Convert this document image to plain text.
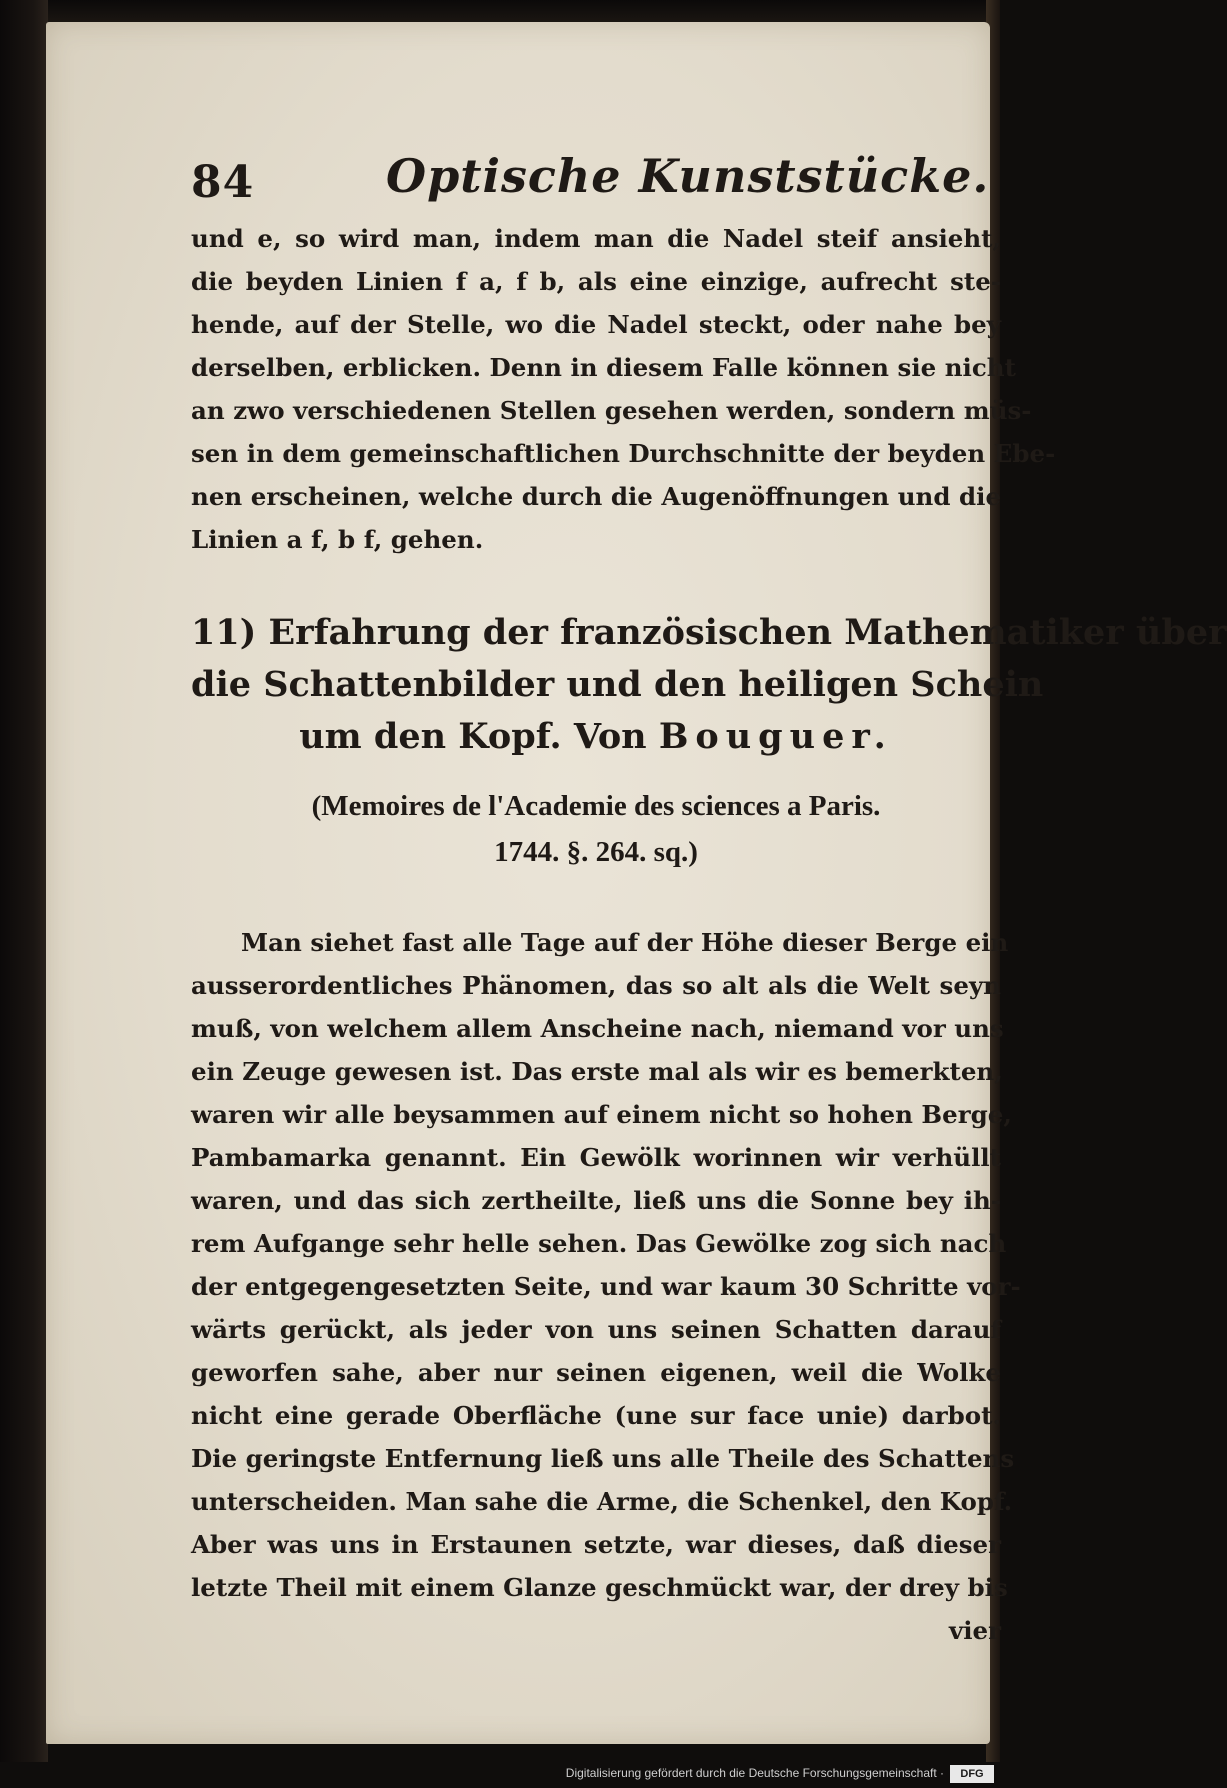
84	Optische Kunststücke.
und e, so wird man, indem man die Nadel steif ansieht,
die beyden Linien f a, f b, als eine einzige, aufrecht ste-
hende, auf der Stelle, wo die Nadel steckt, oder nahe bey
derselben, erblicken. Denn in diesem Falle können sie nicht
an zwo verschiedenen Stellen gesehen werden, sondern müs-
sen in dem gemeinschaftlichen Durchschnitte der beyden Ebe-
nen erscheinen, welche durch die Augenöffnungen und die
Linien a f, b f, gehen.
11) Erfahrung der französischen Mathematiker über
die Schattenbilder und den heiligen Schein
um den Kopf. Von Bouguer.
(Memoires de l'Academie des sciences a Paris.
1744. §. 264. sq.)
Man siehet fast alle Tage auf der Höhe dieser Berge ein
ausserordentliches Phänomen, das so alt als die Welt seyn
muß, von welchem allem Anscheine nach, niemand vor uns
ein Zeuge gewesen ist. Das erste mal als wir es bemerkten,
waren wir alle beysammen auf einem nicht so hohen Berge,
Pambamarka genannt. Ein Gewölk worinnen wir verhüllt
waren, und das sich zertheilte, ließ uns die Sonne bey ih-
rem Aufgange sehr helle sehen. Das Gewölke zog sich nach
der entgegengesetzten Seite, und war kaum 30 Schritte vor-
wärts gerückt, als jeder von uns seinen Schatten darauf
geworfen sahe, aber nur seinen eigenen, weil die Wolke
nicht eine gerade Oberfläche (une sur face unie) darbot.
Die geringste Entfernung ließ uns alle Theile des Schattens
unterscheiden. Man sahe die Arme, die Schenkel, den Kopf.
Aber was uns in Erstaunen setzte, war dieses, daß dieser
letzte Theil mit einem Glanze geschmückt war, der drey bis
vier
Digitalisierung gefördert durch die Deutsche Forschungsgemeinschaft ·	DFG
